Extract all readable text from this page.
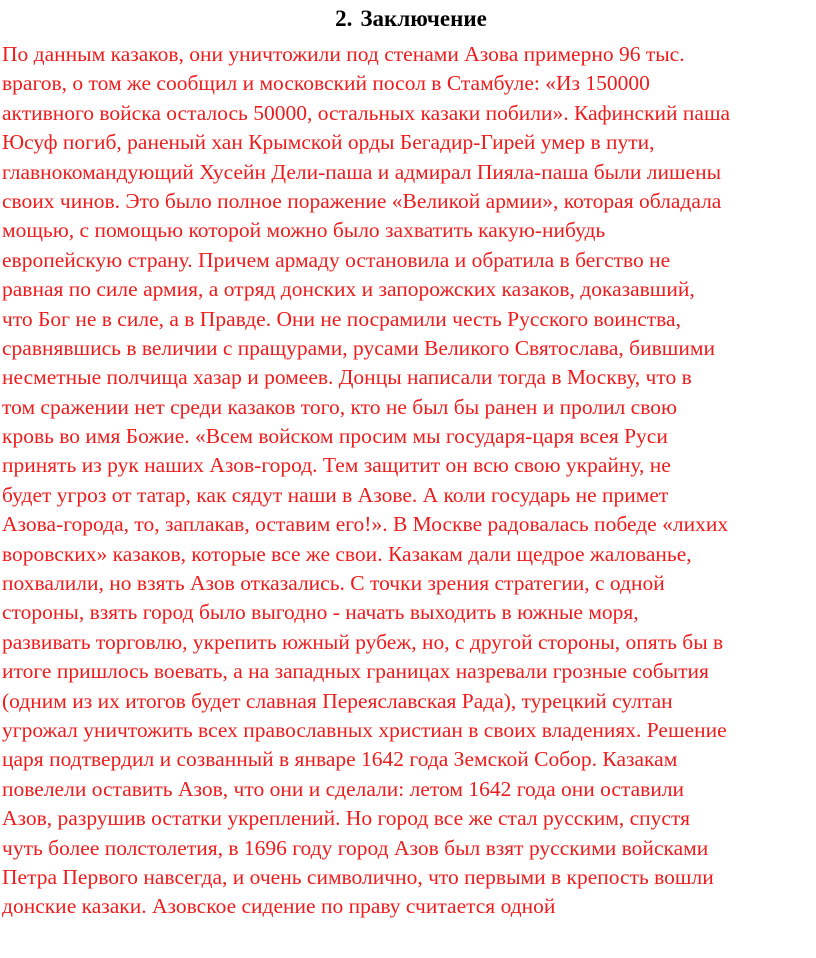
2. Заключение
По данным казаков, они уничтожили под стенами Азова примерно 96 тыс.
врагов, о том же сообщил и московский посол в Стамбуле: «Из 150000
активного войска осталось 50000, остальных казаки побили». Кафинский паша
Юсуф погиб, раненый хан Крымской орды Бегадир-Гирей умер в пути,
главнокомандующий Хусейн Дели-паша и адмирал Пияла-паша были лишены
своих чинов. Это было полное поражение «Великой армии», которая обладала
мощью, с помощью которой можно было захватить какую-нибудь
европейскую страну. Причем армаду остановила и обратила в бегство не
равная по силе армия, а отряд донских и запорожских казаков, доказавший,
что Бог не в силе, а в Правде. Они не посрамили честь Русского воинства,
сравнявшись в величии с пращурами, русами Великого Святослава, бившими
несметные полчища хазар и ромеев. Донцы написали тогда в Москву, что в
том сражении нет среди казаков того, кто не был бы ранен и пролил свою
кровь во имя Божие. «Всем войском просим мы государя-царя всея Руси
принять из рук наших Азов-город. Тем защитит он всю свою украйну, не
будет угроз от татар, как сядут наши в Азове. А коли государь не примет
Азова-города, то, заплакав, оставим его!». В Москве радовалась победе «лихих
воровских» казаков, которые все же свои. Казакам дали щедрое жалованье,
похвалили, но взять Азов отказались. С точки зрения стратегии, с одной
стороны, взять город было выгодно - начать выходить в южные моря,
развивать торговлю, укрепить южный рубеж, но, с другой стороны, опять бы в
итоге пришлось воевать, а на западных границах назревали грозные события
(одним из их итогов будет славная Переяславская Рада), турецкий султан
угрожал уничтожить всех православных христиан в своих владениях. Решение
царя подтвердил и созванный в январе 1642 года Земской Собор. Казакам
повелели оставить Азов, что они и сделали: летом 1642 года они оставили
Азов, разрушив остатки укреплений. Но город все же стал русским, спустя
чуть более полстолетия, в 1696 году город Азов был взят русскими войсками
Петра Первого навсегда, и очень символично, что первыми в крепость вошли
донские казаки. Азовское сидение по праву считается одной
